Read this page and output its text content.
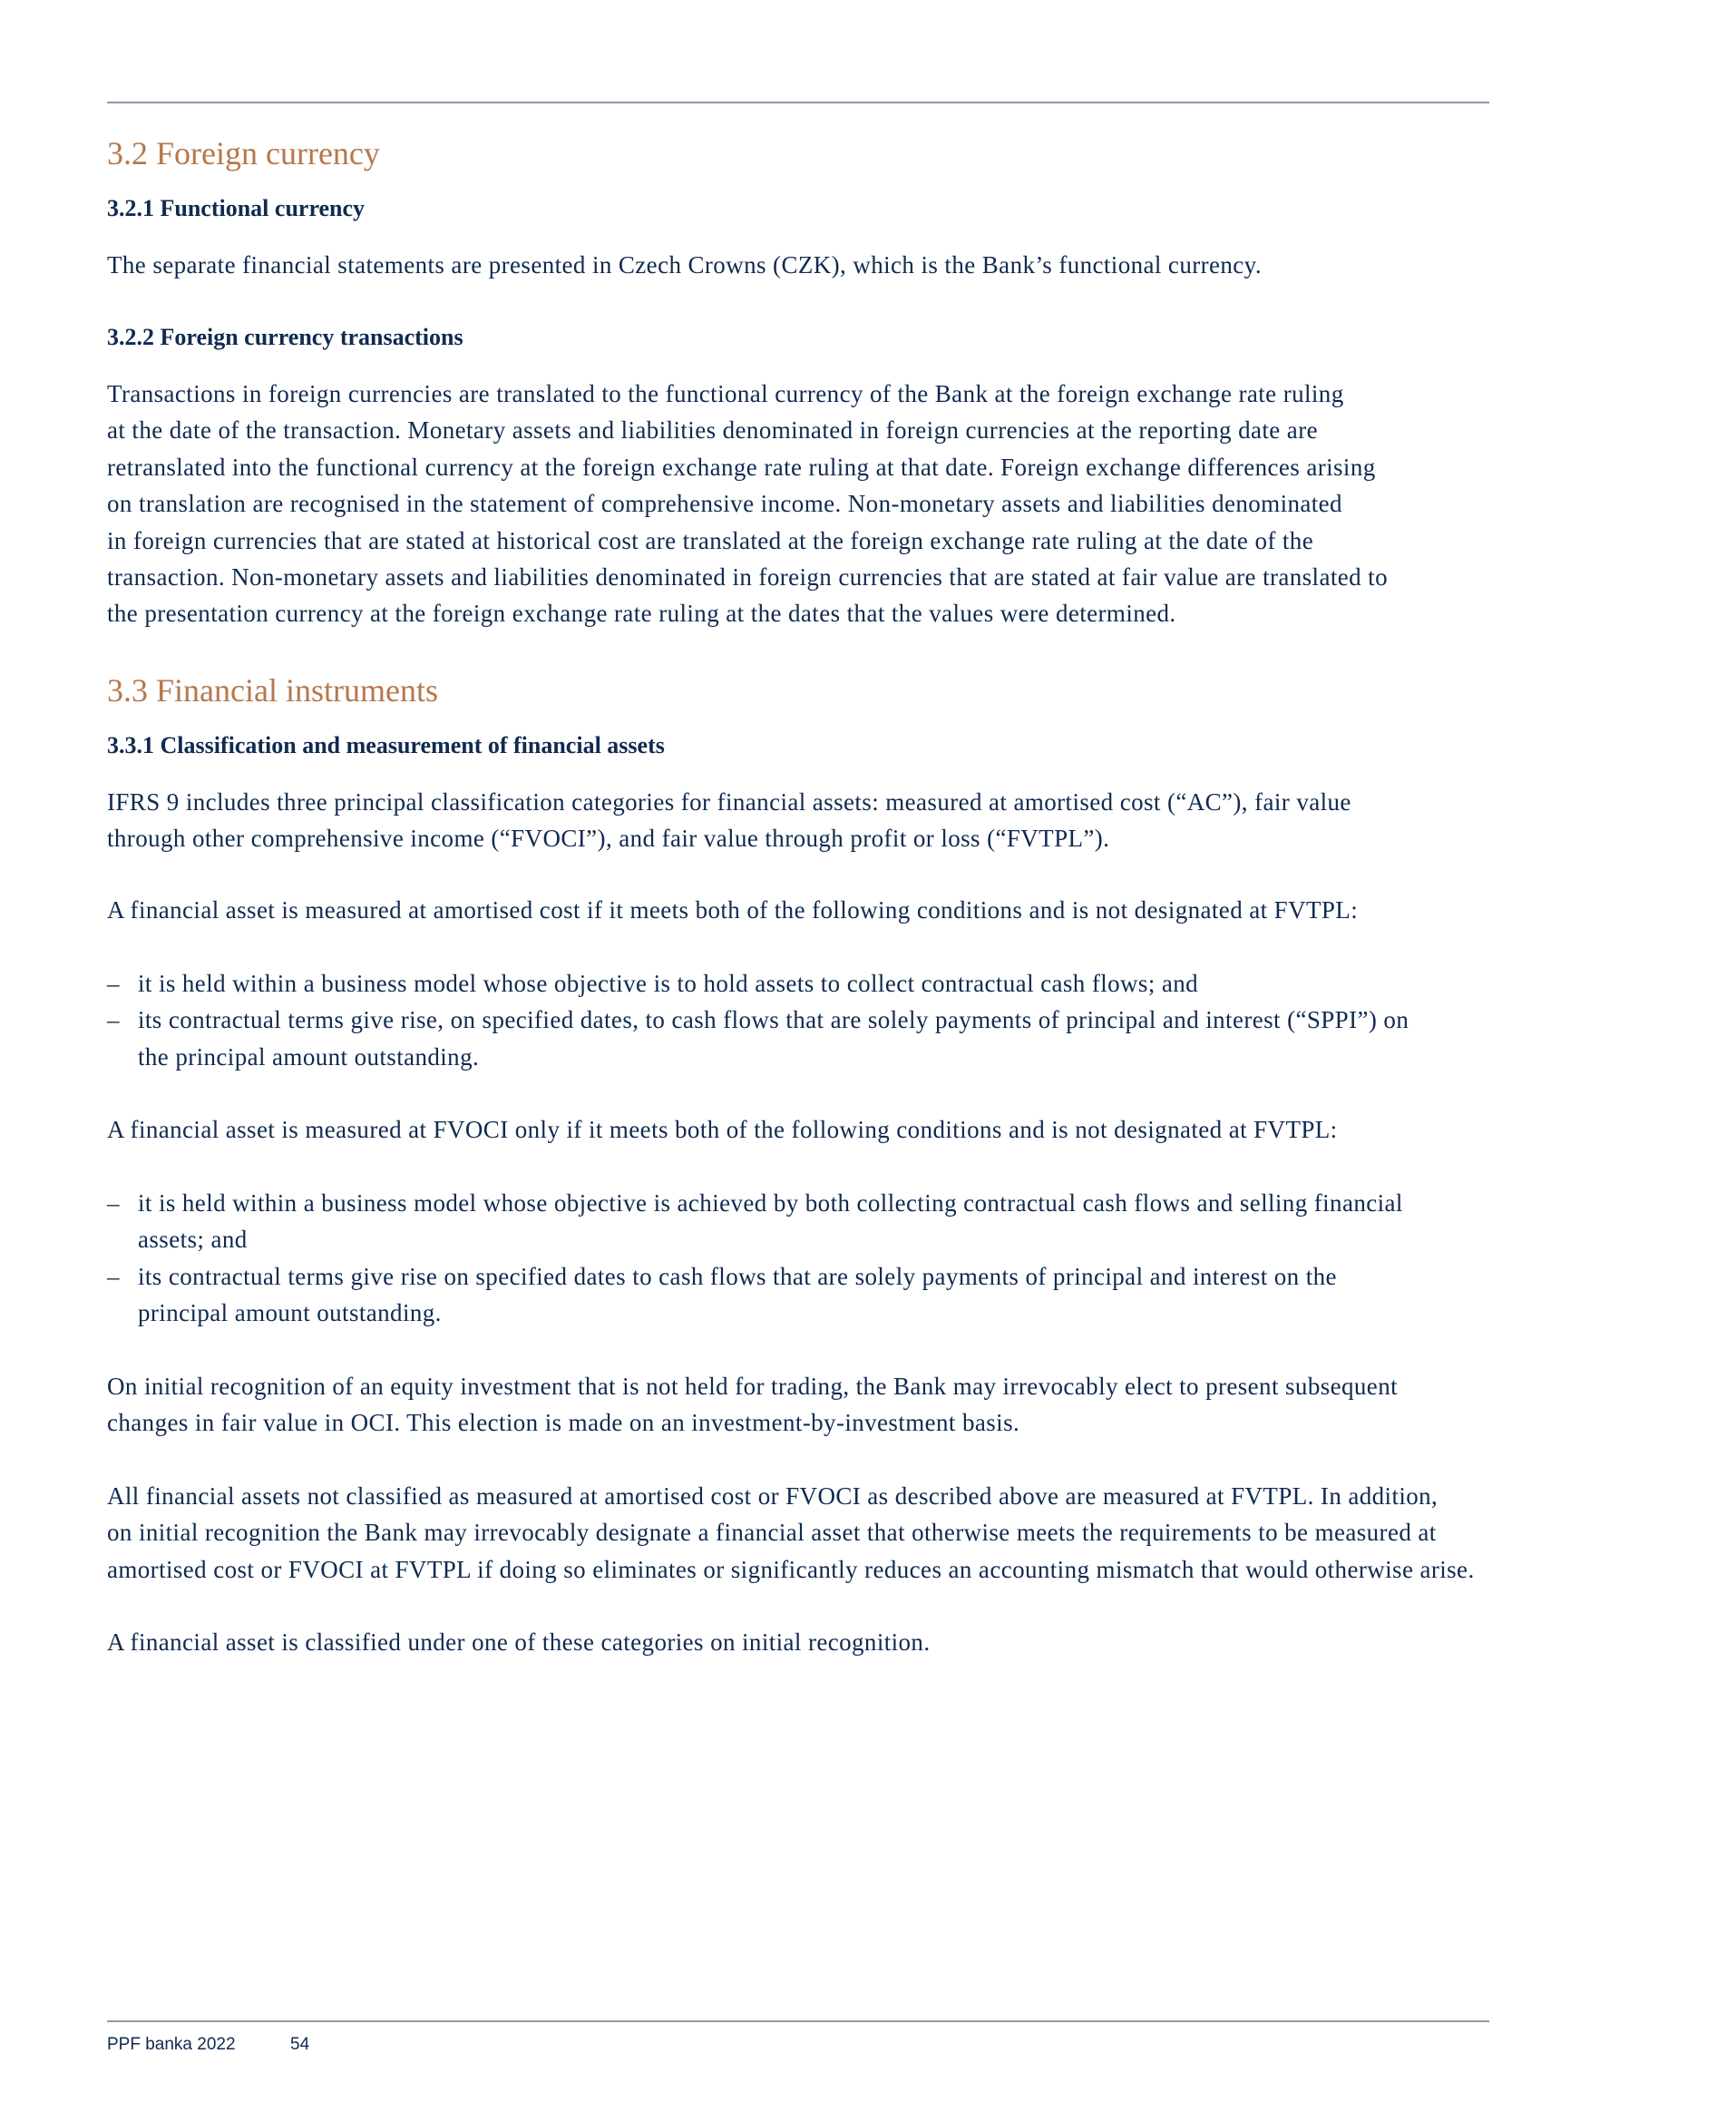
3.2 Foreign currency
3.2.1 Functional currency
The separate financial statements are presented in Czech Crowns (CZK), which is the Bank’s functional currency.
3.2.2 Foreign currency transactions
Transactions in foreign currencies are translated to the functional currency of the Bank at the foreign exchange rate ruling
at the date of the transaction. Monetary assets and liabilities denominated in foreign currencies at the reporting date are
retranslated into the functional currency at the foreign exchange rate ruling at that date. Foreign exchange differences arising
on translation are recognised in the statement of comprehensive income. Non-monetary assets and liabilities denominated
in foreign currencies that are stated at historical cost are translated at the foreign exchange rate ruling at the date of the
transaction. Non-monetary assets and liabilities denominated in foreign currencies that are stated at fair value are translated to
the presentation currency at the foreign exchange rate ruling at the dates that the values were determined.
3.3 Financial instruments
3.3.1 Classification and measurement of financial assets
IFRS 9 includes three principal classification categories for financial assets: measured at amortised cost (“AC”), fair value
through other comprehensive income (“FVOCI”), and fair value through profit or loss (“FVTPL”).
A financial asset is measured at amortised cost if it meets both of the following conditions and is not designated at FVTPL:
– it is held within a business model whose objective is to hold assets to collect contractual cash flows; and
– its contractual terms give rise, on specified dates, to cash flows that are solely payments of principal and interest (“SPPI”) on
the principal amount outstanding.
A financial asset is measured at FVOCI only if it meets both of the following conditions and is not designated at FVTPL:
– it is held within a business model whose objective is achieved by both collecting contractual cash flows and selling financial
assets; and
– its contractual terms give rise on specified dates to cash flows that are solely payments of principal and interest on the
principal amount outstanding.
On initial recognition of an equity investment that is not held for trading, the Bank may irrevocably elect to present subsequent
changes in fair value in OCI. This election is made on an investment-by-investment basis.
All financial assets not classified as measured at amortised cost or FVOCI as described above are measured at FVTPL. In addition,
on initial recognition the Bank may irrevocably designate a financial asset that otherwise meets the requirements to be measured at
amortised cost or FVOCI at FVTPL if doing so eliminates or significantly reduces an accounting mismatch that would otherwise arise.
A financial asset is classified under one of these categories on initial recognition.
PPF banka 2022	54
